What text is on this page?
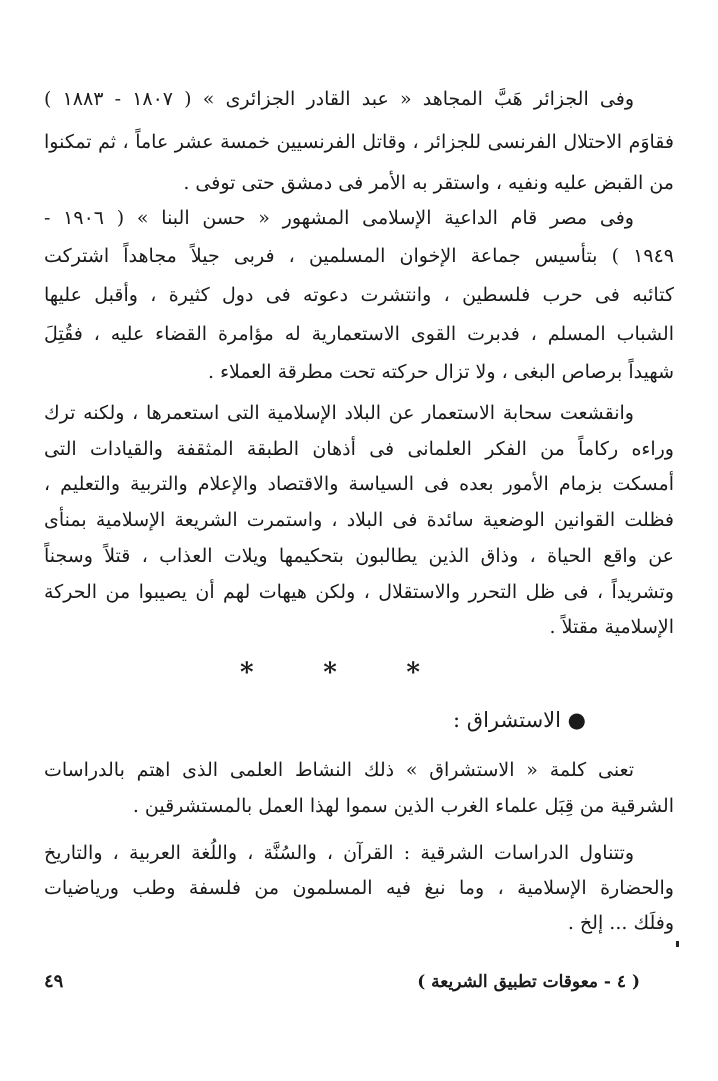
وفى الجزائر هَبَّ المجاهد « عبد القادر الجزائرى » ( ١٨٠٧ - ١٨٨٣ )
فقاوَم الاحتلال الفرنسى للجزائر ، وقاتل الفرنسيين خمسة عشر عاماً ، ثم تمكنوا
من القبض عليه ونفيه ، واستقر به الأمر فى دمشق حتى توفى .
وفى مصر قام الداعية الإسلامى المشهور « حسن البنا » ( ١٩٠٦ -
١٩٤٩ ) بتأسيس جماعة الإخوان المسلمين ، فربى جيلاً مجاهداً اشتركت
كتائبه فى حرب فلسطين ، وانتشرت دعوته فى دول كثيرة ، وأقبل عليها
الشباب المسلم ، فدبرت القوى الاستعمارية له مؤامرة القضاء عليه ، فقُتِلَ
شهيداً برصاص البغى ، ولا تزال حركته تحت مطرقة العملاء .
وانقشعت سحابة الاستعمار عن البلاد الإسلامية التى استعمرها ، ولكنه ترك
وراءه ركاماً من الفكر العلمانى فى أذهان الطبقة المثقفة والقيادات التى
أمسكت بزمام الأمور بعده فى السياسة والاقتصاد والإعلام والتربية والتعليم ،
فظلت القوانين الوضعية سائدة فى البلاد ، واستمرت الشريعة الإسلامية بمنأى
عن واقع الحياة ، وذاق الذين يطالبون بتحكيمها ويلات العذاب ، قتلاً وسجناً
وتشريداً ، فى ظل التحرر والاستقلال ، ولكن هيهات لهم أن يصيبوا من الحركة
الإسلامية مقتلاً .
*	*	*
● الاستشراق :
تعنى كلمة « الاستشراق » ذلك النشاط العلمى الذى اهتم بالدراسات
الشرقية من قِبَل علماء الغرب الذين سموا لهذا العمل بالمستشرقين .
وتتناول الدراسات الشرقية : القرآن ، والسُنَّة ، واللُغة العربية ، والتاريخ
والحضارة الإسلامية ، وما نبغ فيه المسلمون من فلسفة وطب ورياضيات
وفلَك ... إلخ .
٤٩	( ٤ - معوقات تطبيق الشريعة )
